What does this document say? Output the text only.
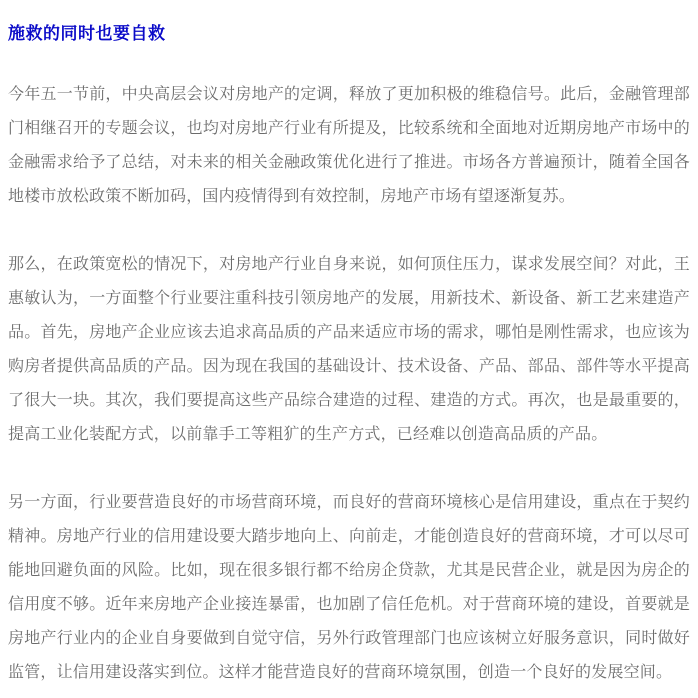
施救的同时也要自救

今年五一节前，中央高层会议对房地产的定调，释放了更加积极的维稳信号。此后，金融管理部门相继召开的专题会议，也均对房地产行业有所提及，比较系统和全面地对近期房地产市场中的金融需求给予了总结，对未来的相关金融政策优化进行了推进。市场各方普遍预计，随着全国各地楼市放松政策不断加码，国内疫情得到有效控制，房地产市场有望逐渐复苏。

那么，在政策宽松的情况下，对房地产行业自身来说，如何顶住压力，谋求发展空间？对此，王惠敏认为，一方面整个行业要注重科技引领房地产的发展，用新技术、新设备、新工艺来建造产品。首先，房地产企业应该去追求高品质的产品来适应市场的需求，哪怕是刚性需求，也应该为购房者提供高品质的产品。因为现在我国的基础设计、技术设备、产品、部品、部件等水平提高了很大一块。其次，我们要提高这些产品综合建造的过程、建造的方式。再次，也是最重要的，提高工业化装配方式，以前靠手工等粗犷的生产方式，已经难以创造高品质的产品。

另一方面，行业要营造良好的市场营商环境，而良好的营商环境核心是信用建设，重点在于契约精神。房地产行业的信用建设要大踏步地向上、向前走，才能创造良好的营商环境，才可以尽可能地回避负面的风险。比如，现在很多银行都不给房企贷款，尤其是民营企业，就是因为房企的信用度不够。近年来房地产企业接连暴雷，也加剧了信任危机。对于营商环境的建设，首要就是房地产行业内的企业自身要做到自觉守信，另外行政管理部门也应该树立好服务意识，同时做好监管，让信用建设落实到位。这样才能营造良好的营商环境氛围，创造一个良好的发展空间。
